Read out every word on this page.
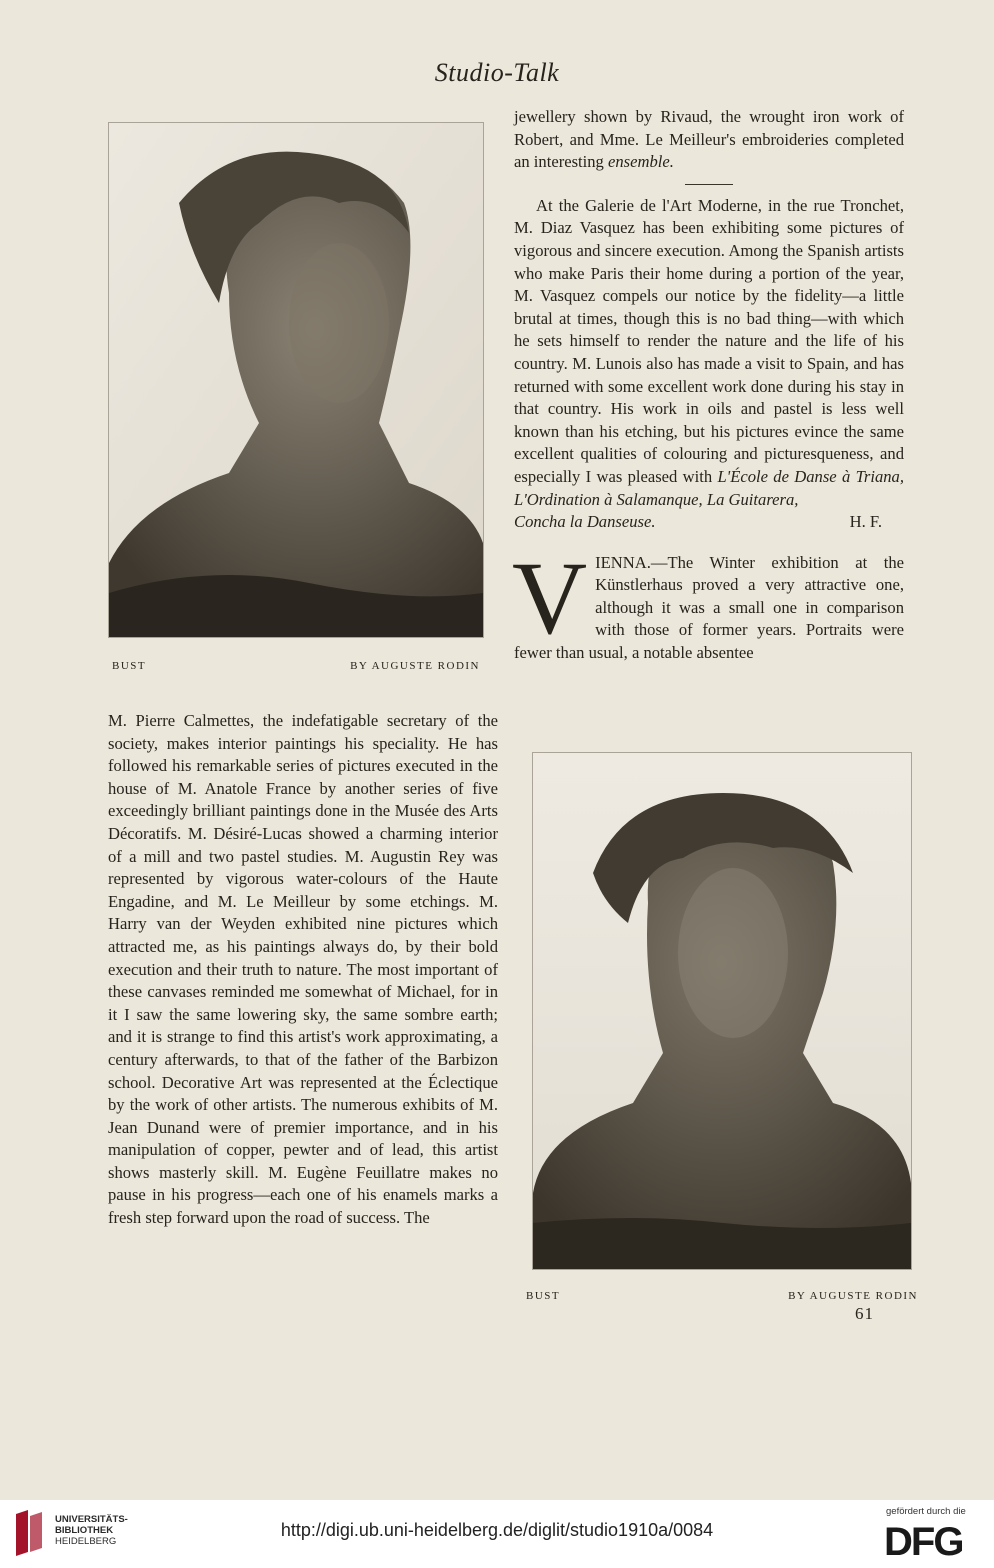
Studio-Talk
BUST	BY AUGUSTE RODIN

jewellery shown by Rivaud, the wrought iron work of Robert, and Mme. Le Meilleur's embroideries completed an interesting ensemble.

At the Galerie de l'Art Moderne, in the rue Tronchet, M. Diaz Vasquez has been exhibiting some pictures of vigorous and sincere execution. Among the Spanish artists who make Paris their home during a portion of the year, M. Vasquez compels our notice by the fidelity—a little brutal at times, though this is no bad thing—with which he sets himself to render the nature and the life of his country. M. Lunois also has made a visit to Spain, and has returned with some excellent work done during his stay in that country. His work in oils and pastel is less well known than his etching, but his pictures evince the same excellent qualities of colouring and picturesqueness, and especially I was pleased with L'École de Danse à Triana, L'Ordination à Salamanque, La Guitarera,

Concha la Danseuse.	H. F.

V IENNA.—The Winter exhibition at the Künstlerhaus proved a very attractive one, although it was a small one in comparison with those of former years. Portraits were fewer than usual, a notable absentee

M. Pierre Calmettes, the indefatigable secretary of the society, makes interior paintings his speciality. He has followed his remarkable series of pictures executed in the house of M. Anatole France by another series of five exceedingly brilliant paintings done in the Musée des Arts Décoratifs. M. Désiré-Lucas showed a charming interior of a mill and two pastel studies. M. Augustin Rey was represented by vigorous water-colours of the Haute Engadine, and M. Le Meilleur by some etchings. M. Harry van der Weyden exhibited nine pictures which attracted me, as his paintings always do, by their bold execution and their truth to nature. The most important of these canvases reminded me somewhat of Michael, for in it I saw the same lowering sky, the same sombre earth; and it is strange to find this artist's work approximating, a century afterwards, to that of the father of the Barbizon school. Decorative Art was represented at the Éclectique by the work of other artists. The numerous exhibits of M. Jean Dunand were of premier importance, and in his manipulation of copper, pewter and of lead, this artist shows masterly skill. M. Eugène Feuillatre makes no pause in his progress—each one of his enamels marks a fresh step forward upon the road of success. The

BUST	BY AUGUSTE RODIN
61
UNIVERSITÄTS-
BIBLIOTHEK
HEIDELBERG
http://digi.ub.uni-heidelberg.de/diglit/studio1910a/0084
gefördert durch die
DFG
